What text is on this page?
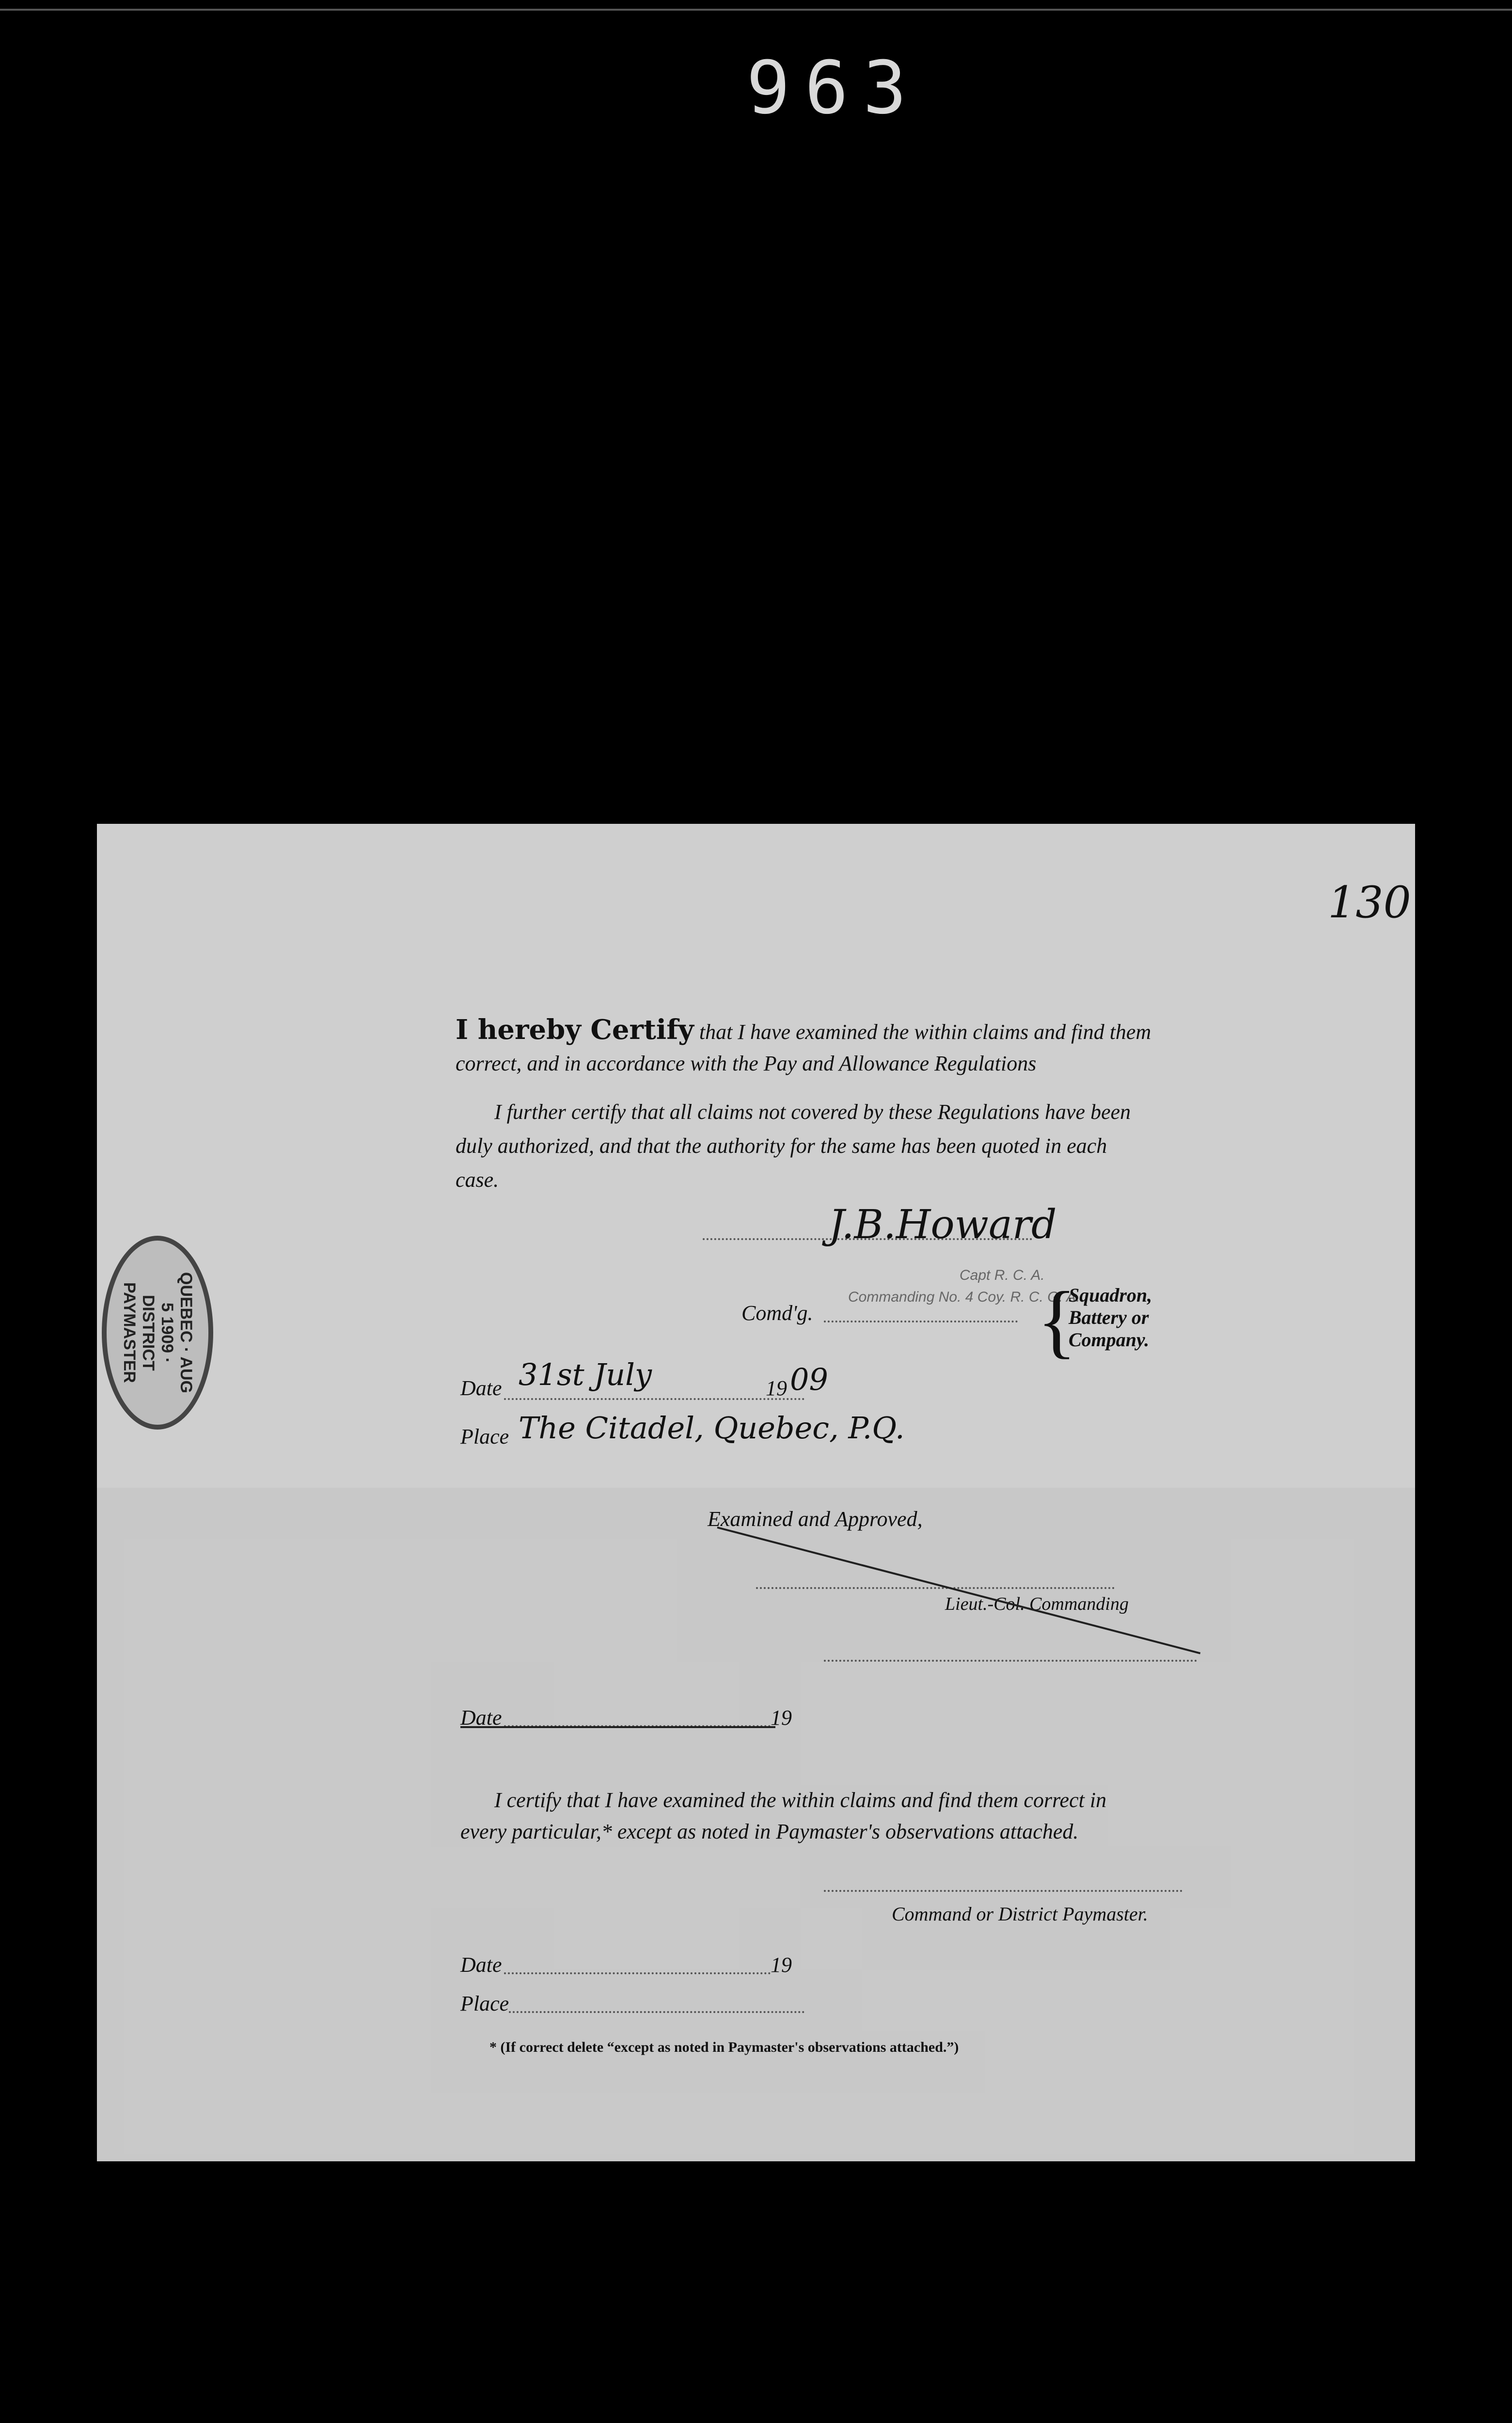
963
130
QUEBEC · AUG 5 1909 · DISTRICT PAYMASTER
I hereby Certify that I have examined the within claims and find them
correct, and in accordance with the Pay and Allowance Regulations
I further certify that all claims not covered by these Regulations have been
duly authorized, and that the authority for the same has been quoted in each
case.
J.B.Howard
Capt R. C. A.
Commanding No. 4 Coy. R. C. G. A.
Comd'g.	{
Squadron,
Battery or
Company.
Date 31st July	19 09
Place The Citadel, Quebec, P.Q.
Examined and Approved,
Lieut.-Col. Commanding
Date	19
I certify that I have examined the within claims and find them correct in
every particular,* except as noted in Paymaster's observations attached.
Command or District Paymaster.
Date	19
Place
* (If correct delete “except as noted in Paymaster's observations attached.”)
